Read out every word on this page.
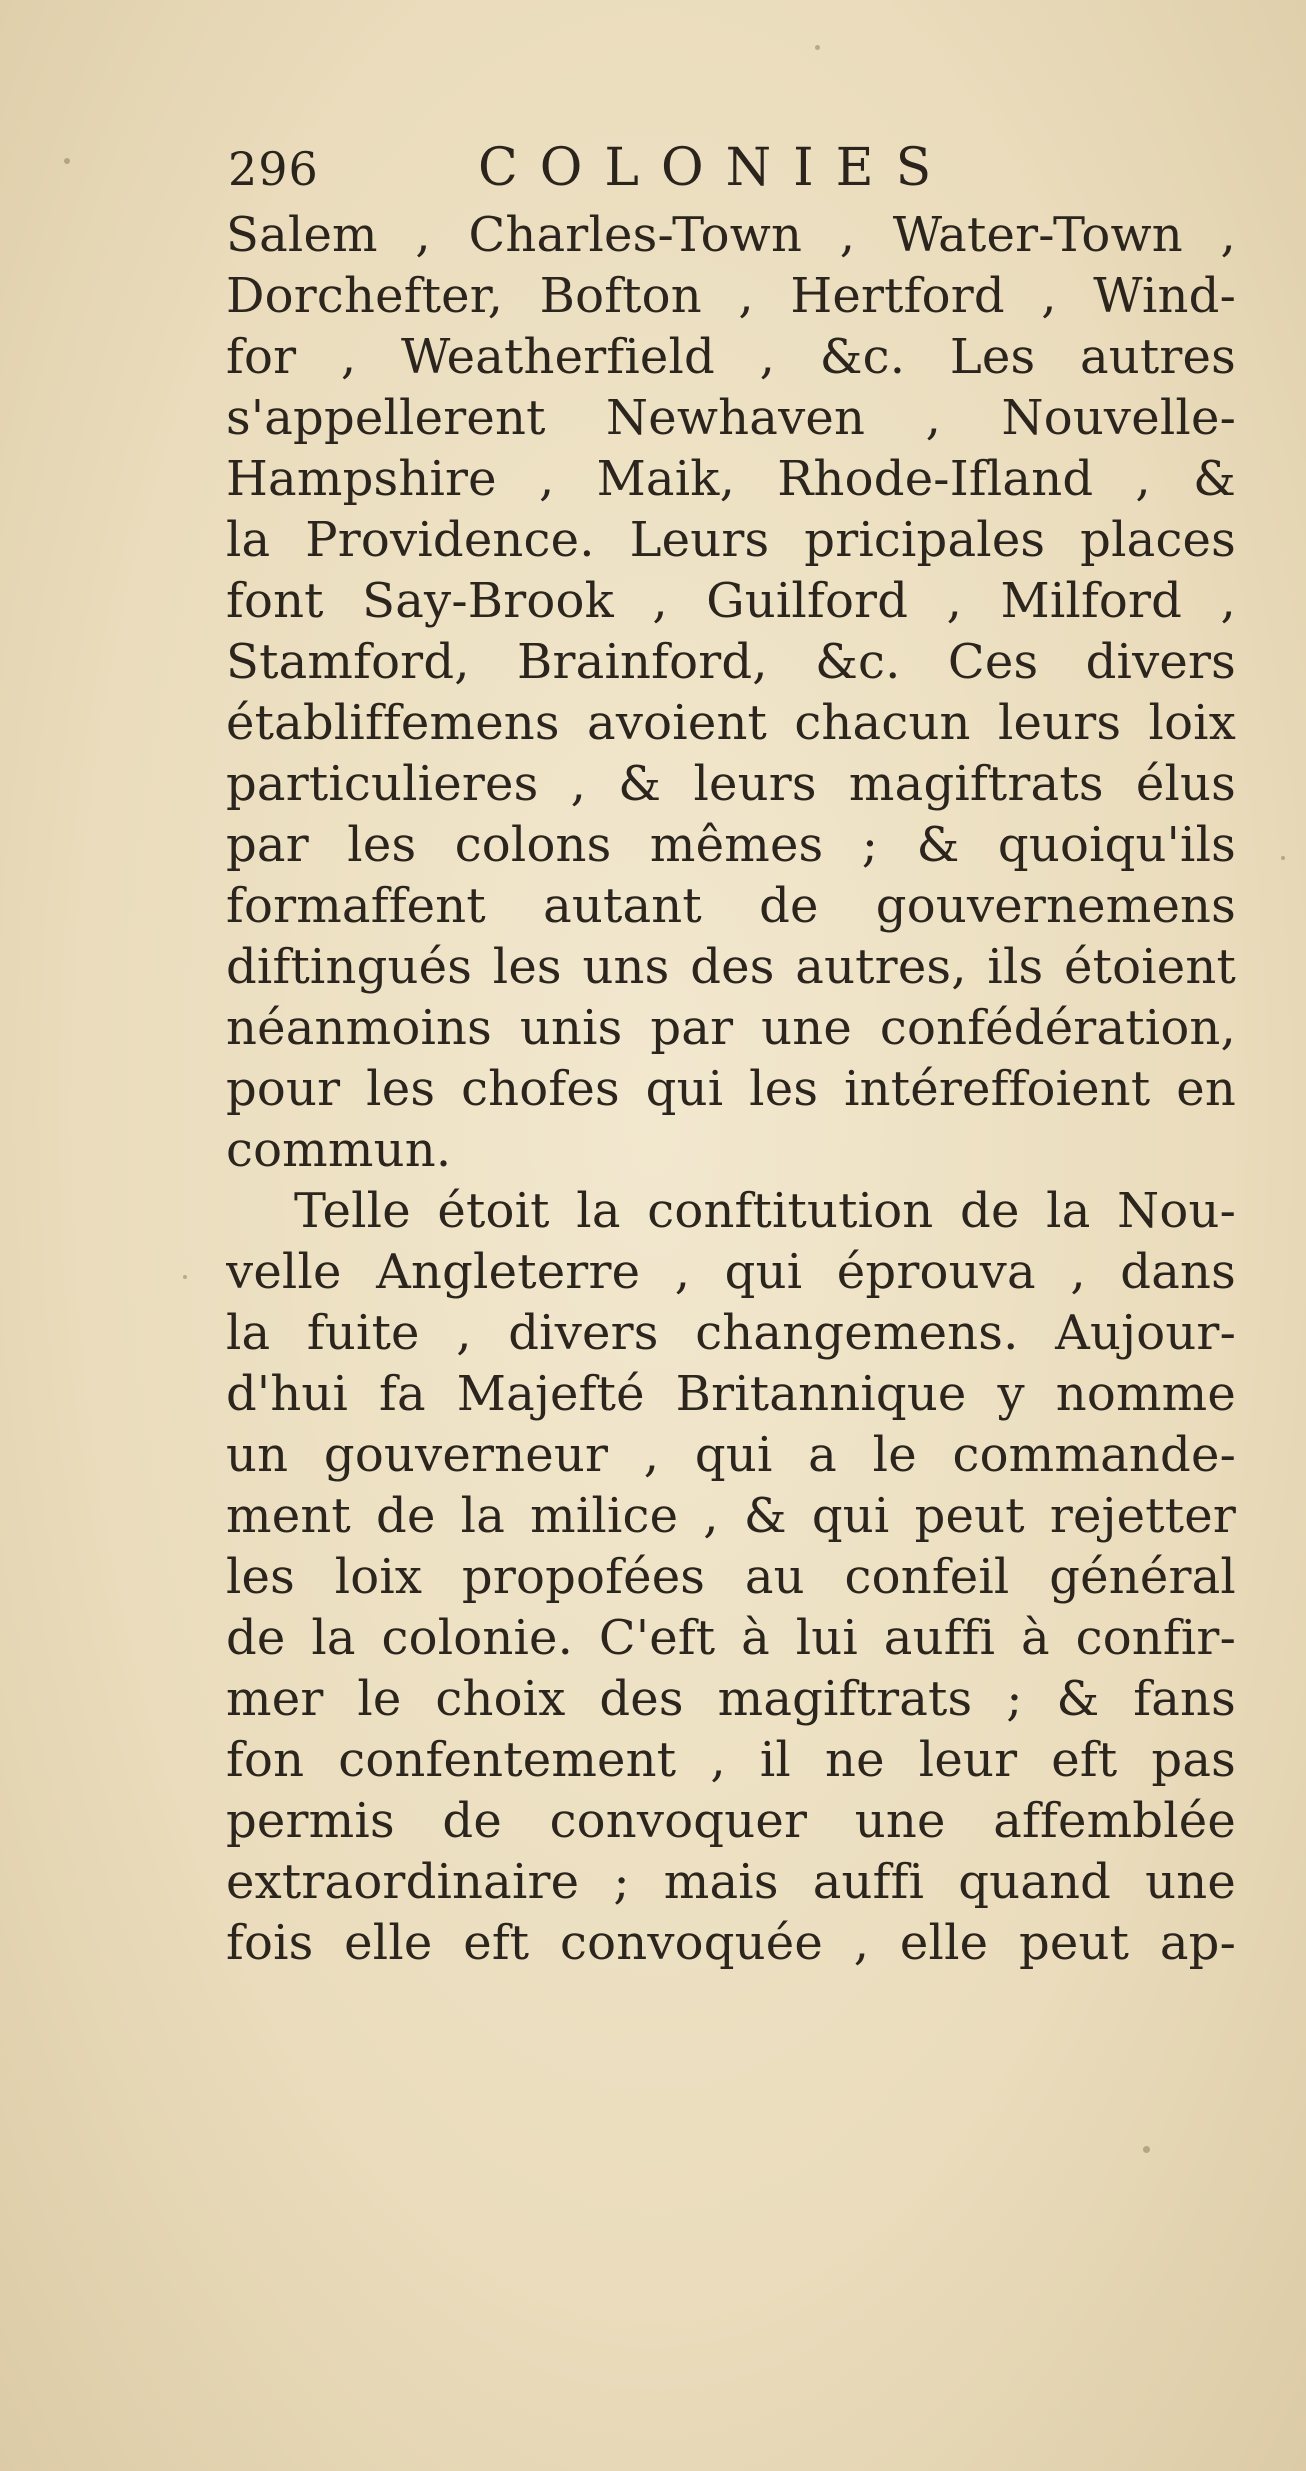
296	COLONIES
Salem , Charles-Town , Water-Town ,
Dorchefter, Bofton , Hertford , Wind-
for , Weatherfield , &c. Les autres
s'appellerent Newhaven , Nouvelle-
Hampshire , Maik, Rhode-Ifland , &
la Providence. Leurs pricipales places
font Say-Brook , Guilford , Milford ,
Stamford, Brainford, &c. Ces divers
établiffemens avoient chacun leurs loix
particulieres , & leurs magiftrats élus
par les colons mêmes ; & quoiqu'ils
formaffent autant de gouvernemens
diftingués les uns des autres, ils étoient
néanmoins unis par une confédération,
pour les chofes qui les intéreffoient en
commun.
Telle étoit la conftitution de la Nou-
velle Angleterre , qui éprouva , dans
la fuite , divers changemens. Aujour-
d'hui fa Majefté Britannique y nomme
un gouverneur , qui a le commande-
ment de la milice , & qui peut rejetter
les loix propofées au confeil général
de la colonie. C'eft à lui auffi à confir-
mer le choix des magiftrats ; & fans
fon confentement , il ne leur eft pas
permis de convoquer une affemblée
extraordinaire ; mais auffi quand une
fois elle eft convoquée , elle peut ap-
